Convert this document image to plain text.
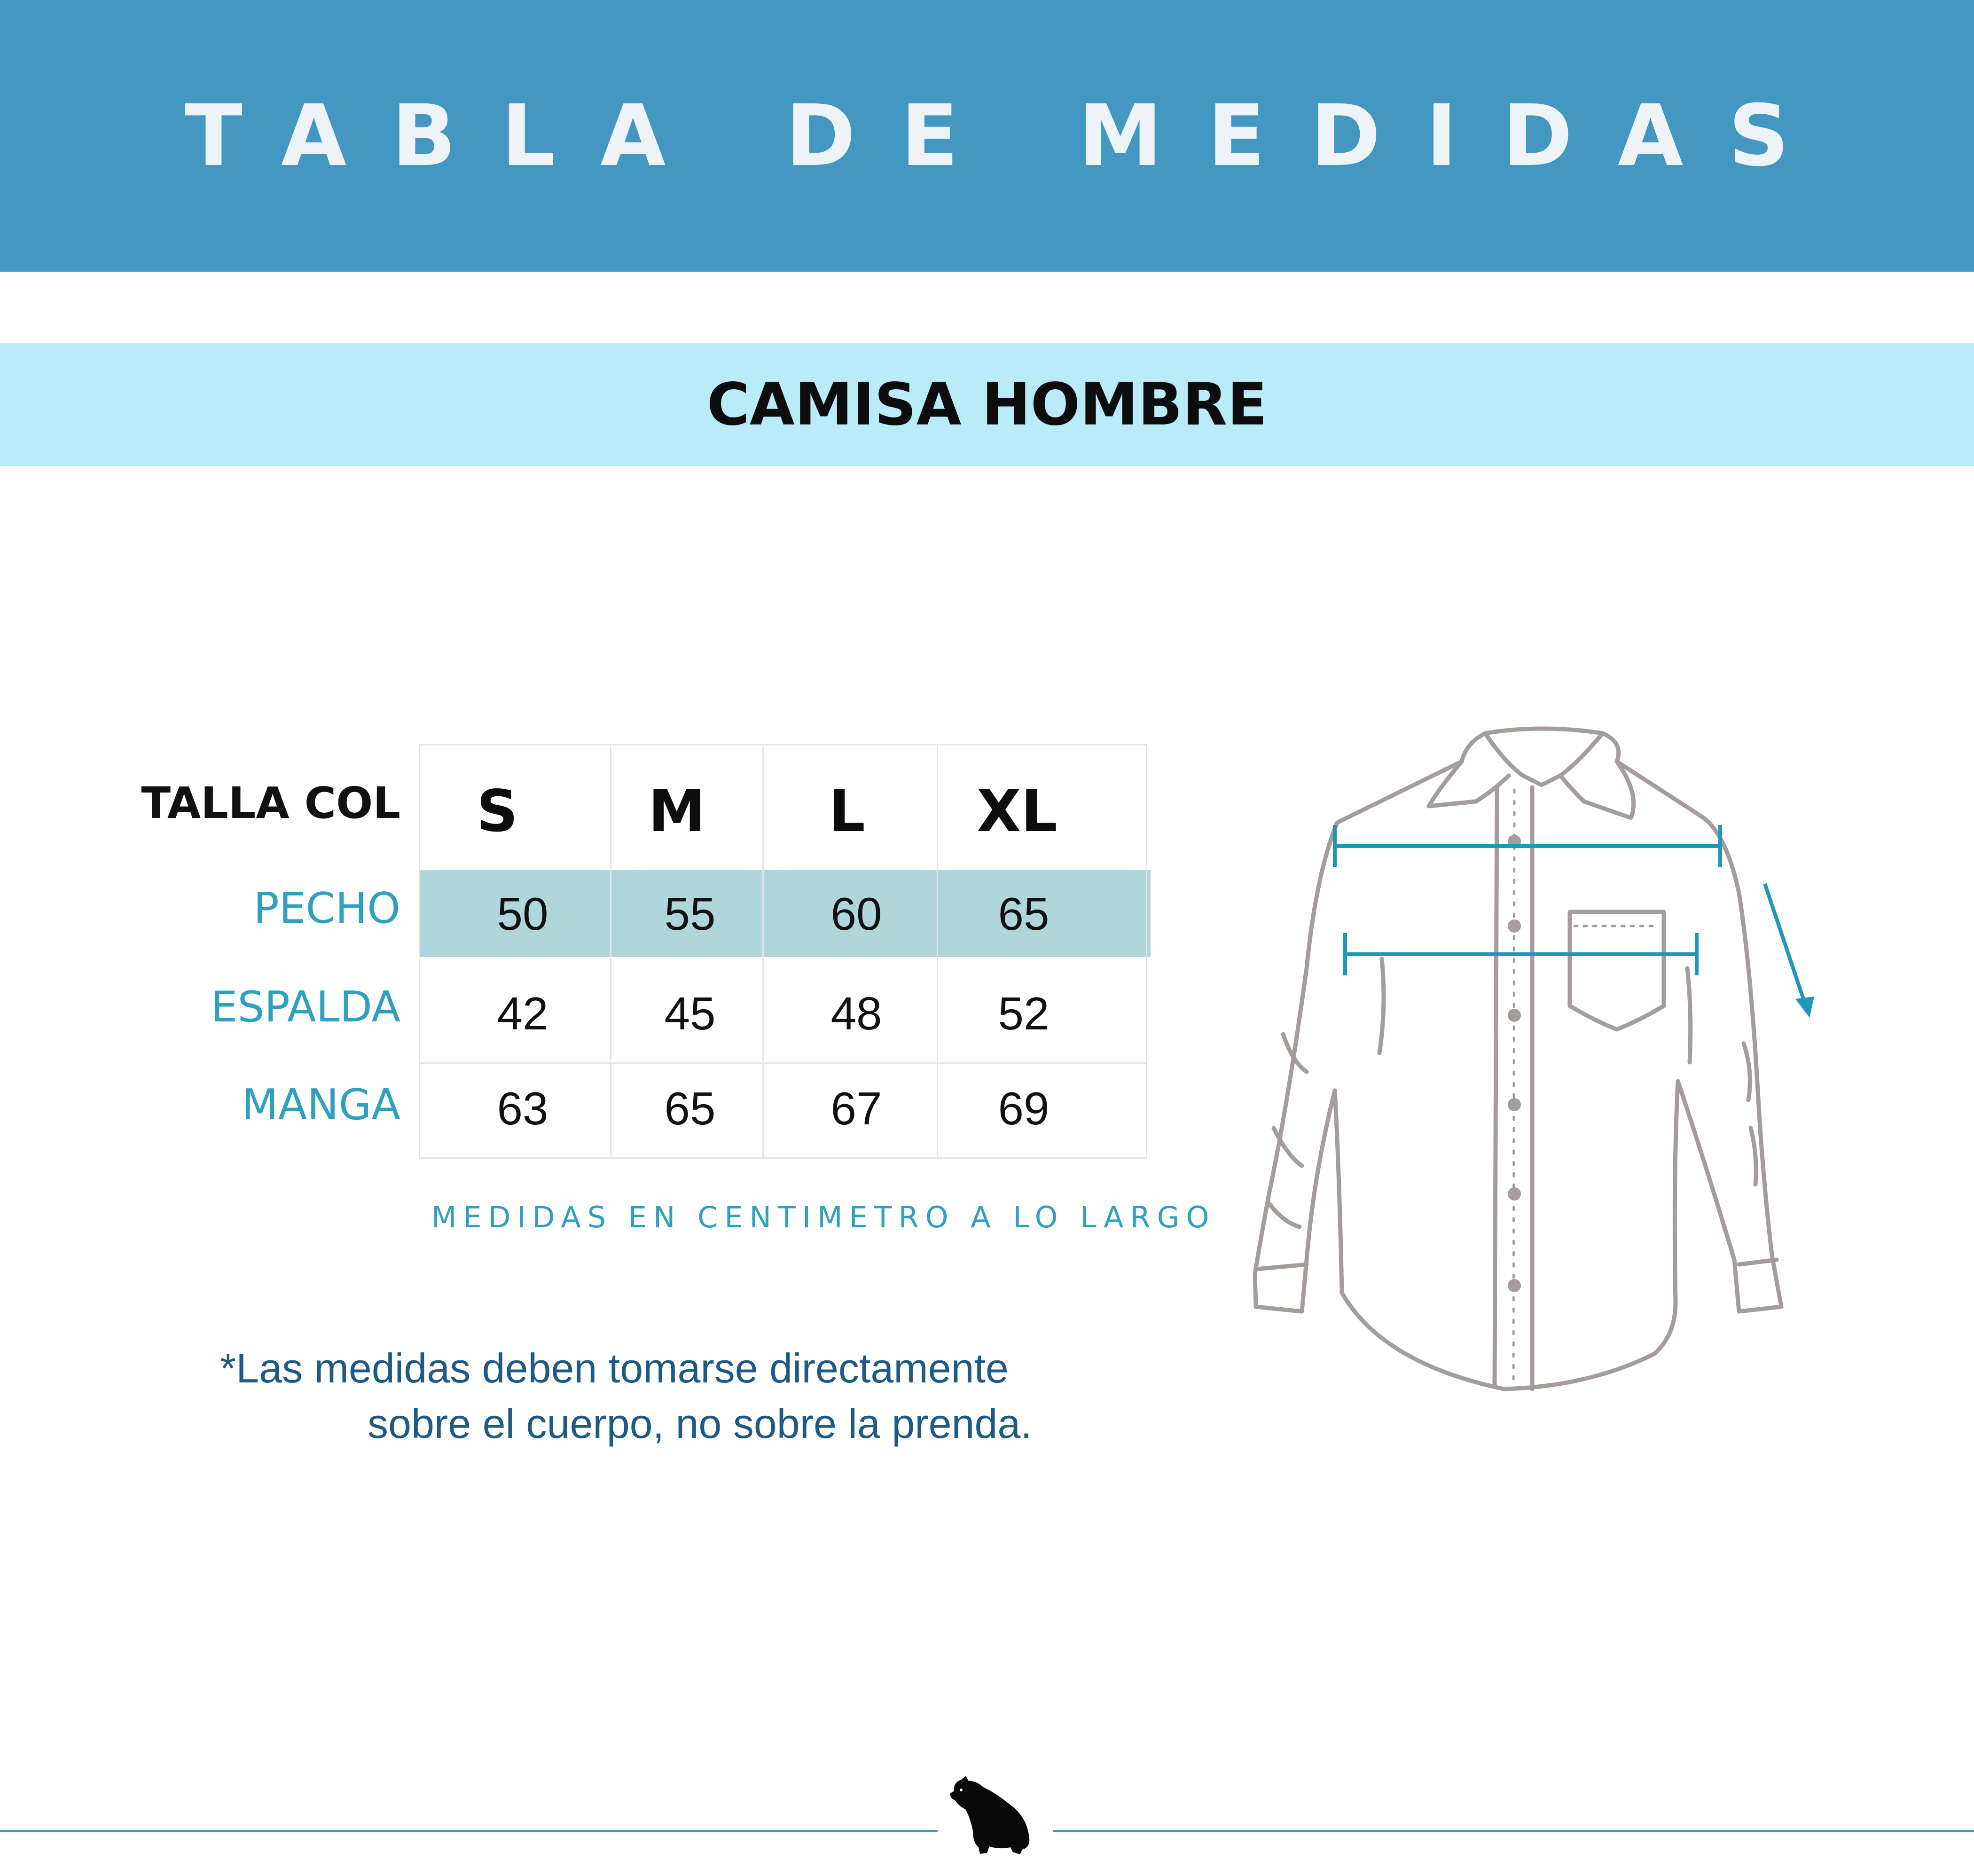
TABLA DE MEDIDAS
CAMISA HOMBRE
TALLA COL	S	M	L	XL
PECHO	50	55	60	65
ESPALDA	42	45	48	52
MANGA	63	65	67	69
MEDIDAS EN CENTIMETRO A LO LARGO
*Las medidas deben tomarse directamente
sobre el cuerpo, no sobre la prenda.
